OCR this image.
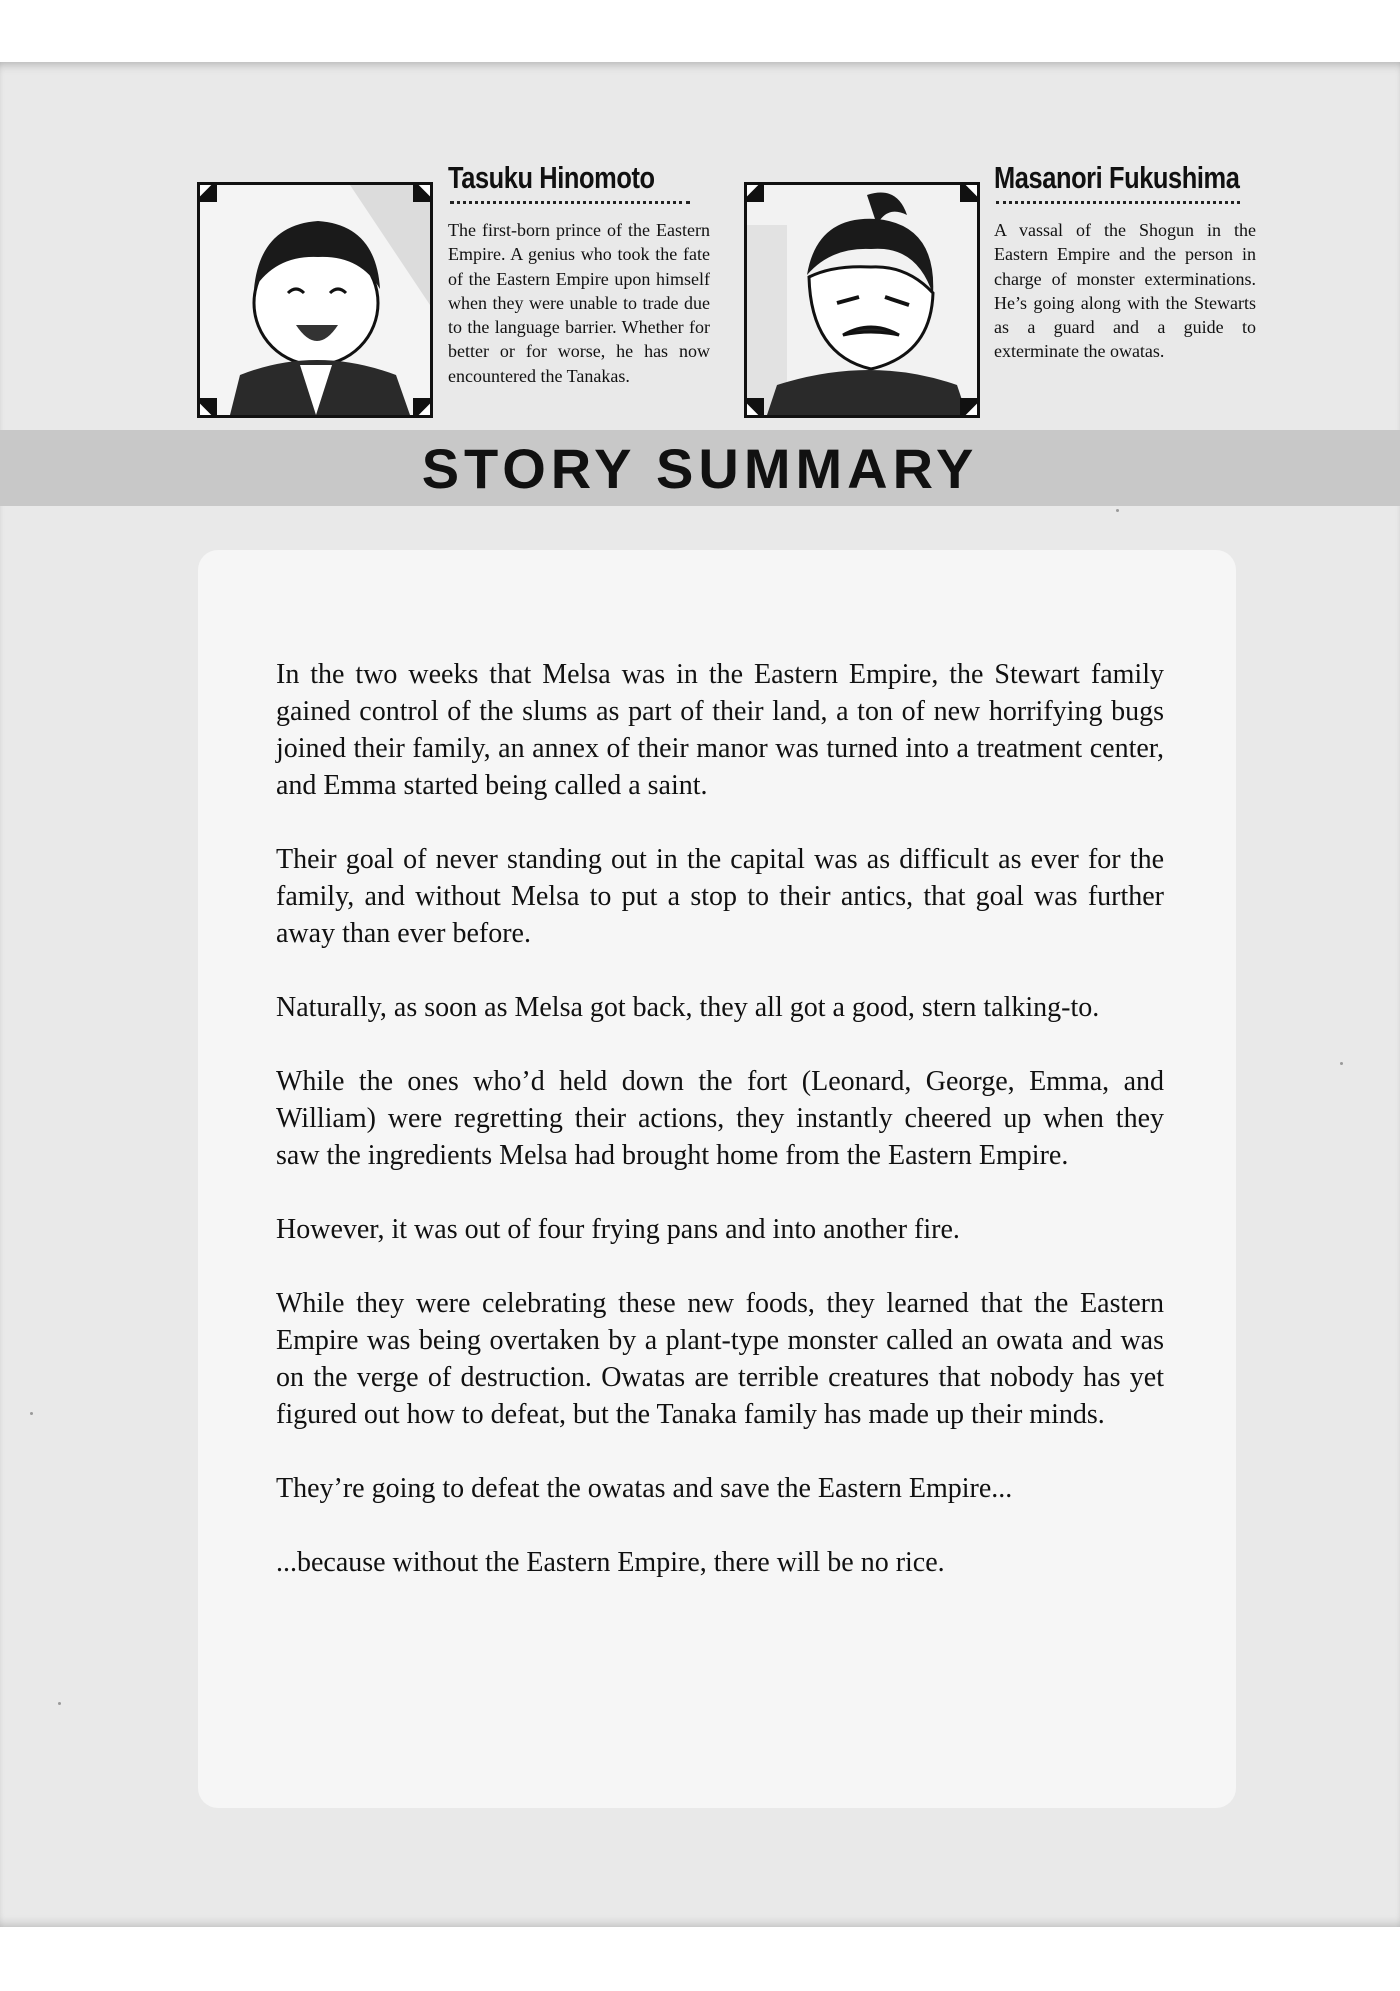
Tasuku Hinomoto
The first-born prince of the Eastern Empire. A genius who took the fate of the Eastern Empire upon himself when they were unable to trade due to the language barrier. Whether for better or for worse, he has now encountered the Tanakas.
Masanori Fukushima
A vassal of the Shogun in the Eastern Empire and the person in charge of monster exterminations. He’s going along with the Stewarts as a guard and a guide to exterminate the owatas.
STORY SUMMARY

In the two weeks that Melsa was in the Eastern Empire, the Stewart family gained control of the slums as part of their land, a ton of new horrifying bugs joined their family, an annex of their manor was turned into a treatment center, and Emma started being called a saint.

Their goal of never standing out in the capital was as difficult as ever for the family, and without Melsa to put a stop to their antics, that goal was further away than ever before.

Naturally, as soon as Melsa got back, they all got a good, stern talking-to.

While the ones who’d held down the fort (Leonard, George, Emma, and William) were regretting their actions, they instantly cheered up when they saw the ingredients Melsa had brought home from the Eastern Empire.

However, it was out of four frying pans and into another fire.

While they were celebrating these new foods, they learned that the Eastern Empire was being overtaken by a plant-type monster called an owata and was on the verge of destruction. Owatas are terrible creatures that nobody has yet figured out how to defeat, but the Tanaka family has made up their minds.

They’re going to defeat the owatas and save the Eastern Empire...

...because without the Eastern Empire, there will be no rice.
